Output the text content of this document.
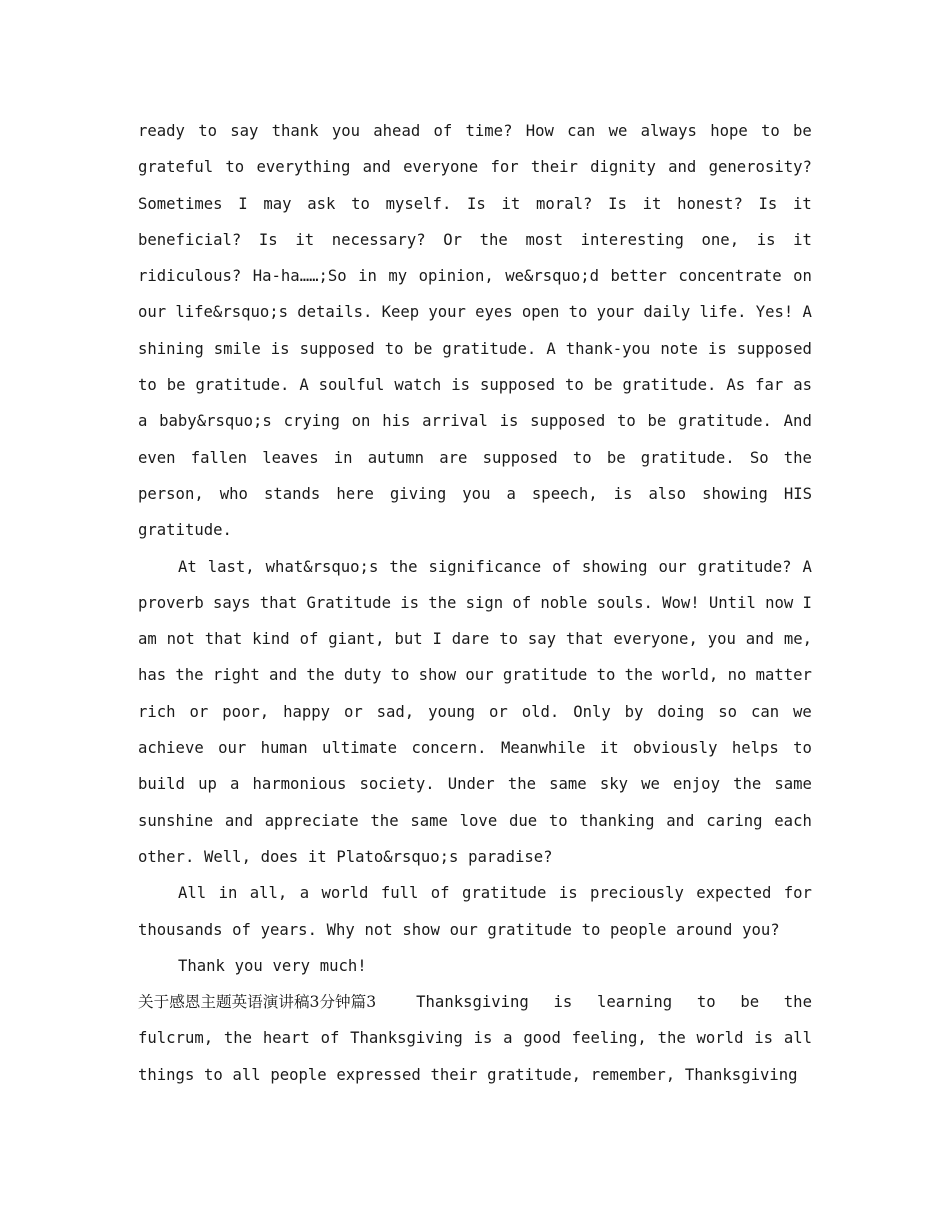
ready to say thank you ahead of time? How can we always hope to be
grateful to everything and everyone for their dignity and generosity?
Sometimes I may ask to myself. Is it moral? Is it honest? Is it
beneficial? Is it necessary? Or the most interesting one, is it
ridiculous? Ha-ha……;So in my opinion, we&rsquo;d better concentrate on
our life&rsquo;s details. Keep your eyes open to your daily life. Yes! A
shining smile is supposed to be gratitude. A thank-you note is supposed
to be gratitude. A soulful watch is supposed to be gratitude. As far as
a baby&rsquo;s crying on his arrival is supposed to be gratitude. And
even fallen leaves in autumn are supposed to be gratitude. So the
person, who stands here giving you a speech, is also showing HIS
gratitude.
At last, what&rsquo;s the significance of showing our gratitude? A
proverb says that Gratitude is the sign of noble souls. Wow! Until now I
am not that kind of giant, but I dare to say that everyone, you and me,
has the right and the duty to show our gratitude to the world, no matter
rich or poor, happy or sad, young or old. Only by doing so can we
achieve our human ultimate concern. Meanwhile it obviously helps to
build up a harmonious society. Under the same sky we enjoy the same
sunshine and appreciate the same love due to thanking and caring each
other. Well, does it Plato&rsquo;s paradise?
All in all, a world full of gratitude is preciously expected for
thousands of years. Why not show our gratitude to people around you?
Thank you very much!
关于感恩主题英语演讲稿3分钟篇3	Thanksgiving is learning to be the
fulcrum, the heart of Thanksgiving is a good feeling, the world is all
things to all people expressed their gratitude, remember, Thanksgiving
